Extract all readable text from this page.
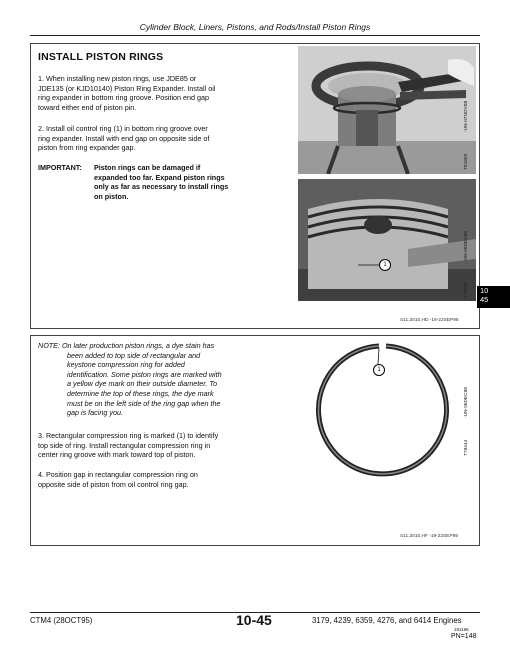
Cylinder Block, Liners, Pistons, and Rods/Install Piston Rings
INSTALL PISTON RINGS
1. When installing new piston rings, use JDE85 or
JDE135 (or KJD10140) Piston Ring Expander. Install oil
ring expander in bottom ring groove. Position end gap
toward either end of piston pin.
2. Install oil control ring (1) in bottom ring groove over
ring expander. Install with end gap on opposite side of
piston from ring expander gap.
IMPORTANT: Piston rings can be damaged if
expanded too far. Expand piston rings
only as far as necessary to install rings
on piston.
-UN-07NOV88
T81800
1
-UN-06DEC88
T78443
S11,2010,HD -19-22SEP95
10
45
NOTE: On later production piston rings, a dye stain has
been added to top side of rectangular and
keystone compression ring for added
identification. Some piston rings are marked with
a yellow dye mark on their outside diameter. To
determine the top of these rings, the dye mark
must be on the left side of the ring gap when the
gap is facing you.
3. Rectangular compression ring is marked (1) to identify
top side of ring. Install rectangular compression ring in
center ring groove with mark toward top of piston.
4. Position gap in rectangular compression ring on
opposite side of piston from oil control ring gap.
1
-UN-06DEC88
T78444
S11,2010,HF -19-22SEP95
CTM4 (28OCT95)	10-45	3179, 4239, 6359, 4276, and 6414 Engines
191196
PN=148
